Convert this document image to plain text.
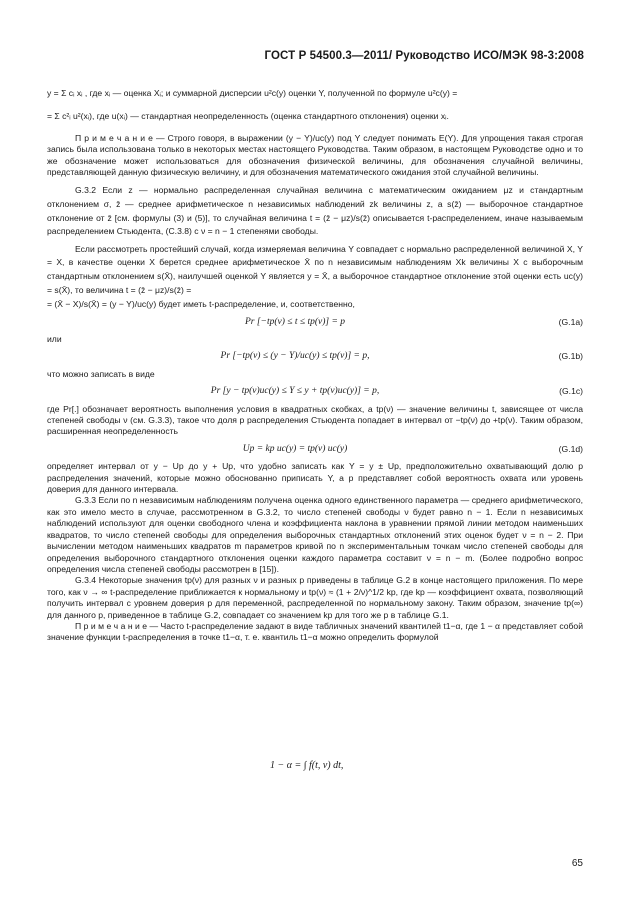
ГОСТ Р 54500.3—2011/ Руководство ИСО/МЭК 98-3:2008

y = Σ cᵢ xᵢ , где xᵢ — оценка Xᵢ; и суммарной дисперсии u²c(y) оценки Y, полученной по формуле u²c(y) =

= Σ c²ᵢ u²(xᵢ), где u(xᵢ) — стандартная неопределенность (оценка стандартного отклонения) оценки xᵢ.

П р и м е ч а н и е — Строго говоря, в выражении (y − Y)/uc(y) под Y следует понимать E(Y). Для упрощения такая строгая запись была использована только в некоторых местах настоящего Руководства. Таким образом, в настоящем Руководстве одно и то же обозначение может использоваться для обозначения физической величины, для обозначения случайной величины, представляющей данную физическую величину, и для обозначения математического ожидания этой случайной величины.

G.3.2 Если z — нормально распределенная случайная величина с математическим ожиданием μz и стандартным отклонением σ, z̄ — среднее арифметическое n независимых наблюдений zk величины z, а s(z̄) — выборочное стандартное отклонение от z̄ [см. формулы (3) и (5)], то случайная величина t = (z̄ − μz)/s(z̄) описывается t-распределением, иначе называемым распределением Стьюдента, (C.3.8) с ν = n − 1 степенями свободы.

Если рассмотреть простейший случай, когда измеряемая величина Y совпадает с нормально распределенной величиной X, Y = X, в качестве оценки X берется среднее арифметическое X̄ по n независимым наблюдениям Xk величины X с выборочным стандартным отклонением s(X̄), наилучшей оценкой Y является y = X̄, а выборочное стандартное отклонение этой оценки есть uc(y) = s(X̄), то величина t = (z̄ − μz)/s(z̄) =

= (X̄ − X)/s(X̄) = (y − Y)/uc(y) будет иметь t-распределение, и, соответственно,

Pr [−tp(ν) ≤ t ≤ tp(ν)] = p	(G.1a)

или

Pr [−tp(ν) ≤ (y − Y)/uc(y) ≤ tp(ν)] = p,	(G.1b)

что можно записать в виде

Pr [y − tp(ν)uc(y) ≤ Y ≤ y + tp(ν)uc(y)] = p,	(G.1c)

где Pr[.] обозначает вероятность выполнения условия в квадратных скобках, а tp(ν) — значение величины t, зависящее от числа степеней свободы ν (см. G.3.3), такое что доля p распределения Стьюдента попадает в интервал от −tp(ν) до +tp(ν). Таким образом, расширенная неопределенность

Up = kp uc(y) = tp(ν) uc(y)	(G.1d)

определяет интервал от y − Up до y + Up, что удобно записать как Y = y ± Up, предположительно охватывающий долю p распределения значений, которые можно обоснованно приписать Y, а p представляет собой вероятность охвата или уровень доверия для данного интервала.

G.3.3 Если по n независимым наблюдениям получена оценка одного единственного параметра — среднего арифметического, как это имело место в случае, рассмотренном в G.3.2, то число степеней свободы ν будет равно n − 1. Если n независимых наблюдений используют для оценки свободного члена и коэффициента наклона в уравнении прямой линии методом наименьших квадратов, то число степеней свободы для определения выборочных стандартных отклонений этих оценок будет ν = n − 2. При вычислении методом наименьших квадратов m параметров кривой по n экспериментальным точкам число степеней свободы для определения выборочного стандартного отклонения оценки каждого параметра составит ν = n − m. (Более подробно вопрос определения числа степеней свободы рассмотрен в [15]).

G.3.4 Некоторые значения tp(ν) для разных ν и разных p приведены в таблице G.2 в конце настоящего приложения. По мере того, как ν → ∞ t-распределение приближается к нормальному и tp(ν) ≈ (1 + 2/ν)^1/2 kp, где kp — коэффициент охвата, позволяющий получить интервал с уровнем доверия p для переменной, распределенной по нормальному закону. Таким образом, значение tp(∞) для данного p, приведенное в таблице G.2, совпадает со значением kp для того же p в таблице G.1.

П р и м е ч а н и е — Часто t-распределение задают в виде табличных значений квантилей t1−α, где 1 − α представляет собой значение функции t-распределения в точке t1−α, т. е. квантиль t1−α можно определить формулой

1 − α = ∫ f(t, ν) dt,
65
